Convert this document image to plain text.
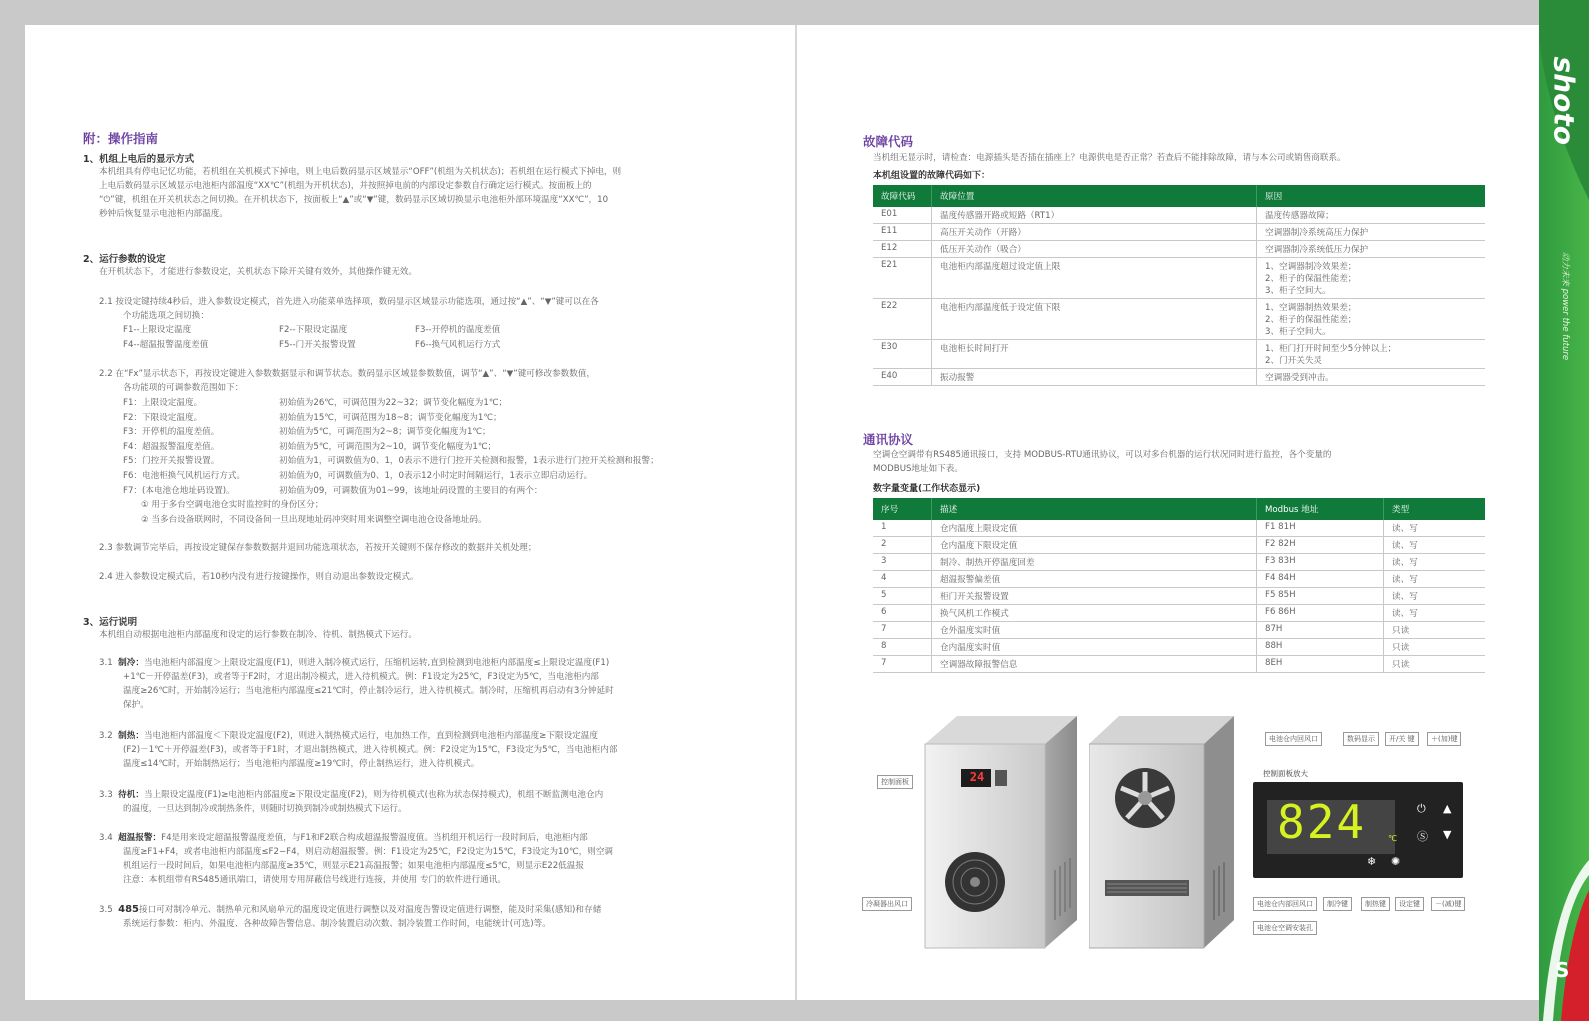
附：操作指南
1、机组上电后的显示方式
本机组具有停电记忆功能，若机组在关机模式下掉电，则上电后数码显示区域显示“OFF”(机组为关机状态)；若机组在运行模式下掉电，则
上电后数码显示区域显示电池柜内部温度“XX℃”(机组为开机状态)，并按照掉电前的内部设定参数自行确定运行模式。按面板上的
“⏻”键，机组在开关机状态之间切换。在开机状态下，按面板上“▲”或“▼”键，数码显示区域切换显示电池柜外部环境温度“XX℃”，10
秒钟后恢复显示电池柜内部温度。
2、运行参数的设定
在开机状态下，才能进行参数设定，关机状态下除开关键有效外，其他操作键无效。
2.1 按设定键持续4秒后，进入参数设定模式，首先进入功能菜单选择项，数码显示区域显示功能选项，通过按“▲”、“▼”键可以在各
个功能选项之间切换：
F1--上限设定温度	F2--下限设定温度	F3--开停机的温度差值
F4--超温报警温度差值	F5--门开关报警设置	F6--换气风机运行方式
2.2 在“Fx”显示状态下，再按设定键进入参数数据显示和调节状态。数码显示区域显参数数值，调节“▲”、“▼”键可修改参数数值，
各功能项的可调参数范围如下：
F1：上限设定温度。	初始值为26℃，可调范围为22~32；调节变化幅度为1℃；
F2：下限设定温度。	初始值为15℃，可调范围为18~8；调节变化幅度为1℃；
F3：开停机的温度差值。	初始值为5℃，可调范围为2~8；调节变化幅度为1℃；
F4：超温报警温度差值。	初始值为5℃，可调范围为2~10，调节变化幅度为1℃；
F5：门控开关报警设置。	初始值为1，可调数值为0、1，0表示不进行门控开关检测和报警，1表示进行门控开关检测和报警；
F6：电池柜换气风机运行方式。	初始值为0，可调数值为0、1，0表示12小时定时间隔运行，1表示立即启动运行。
F7：(本电池仓地址码设置)。	初始值为09，可调数值为01~99，该地址码设置的主要目的有两个：
① 用于多台空调电池仓实时监控时的身份区分；
② 当多台设备联网时，不同设备间一旦出现地址码冲突时用来调整空调电池仓设备地址码。
2.3 参数调节完毕后，再按设定键保存参数数据并退回功能选项状态，若按开关键则不保存修改的数据并关机处理；
2.4 进入参数设定模式后，若10秒内没有进行按键操作，则自动退出参数设定模式。
3、运行说明
本机组自动根据电池柜内部温度和设定的运行参数在制冷、待机、制热模式下运行。
3.1 制冷：当电池柜内部温度＞上限设定温度(F1)，则进入制冷模式运行，压缩机运转,直到检测到电池柜内部温度≤上限设定温度(F1)
+1℃－开停温差(F3)，或者等于F2时，才退出制冷模式，进入待机模式。例：F1设定为25℃，F3设定为5℃，当电池柜内部
温度≥26℃时，开始制冷运行；当电池柜内部温度≤21℃时，停止制冷运行，进入待机模式。制冷时，压缩机再启动有3分钟延时
保护。
3.2 制热：当电池柜内部温度＜下限设定温度(F2)，则进入制热模式运行，电加热工作，直到检测到电池柜内部温度≥下限设定温度
(F2)－1℃＋开停温差(F3)，或者等于F1时，才退出制热模式，进入待机模式。例：F2设定为15℃，F3设定为5℃，当电池柜内部
温度≤14℃时，开始制热运行；当电池柜内部温度≥19℃时，停止制热运行，进入待机模式。
3.3 待机：当上限设定温度(F1)≥电池柜内部温度≥下限设定温度(F2)，则为待机模式(也称为状态保持模式)，机组不断监测电池仓内
的温度，一旦达到制冷或制热条件，则随时切换到制冷或制热模式下运行。
3.4 超温报警：F4是用来设定超温报警温度差值，与F1和F2联合构成超温报警温度值。当机组开机运行一段时间后，电池柜内部
温度≥F1+F4，或者电池柜内部温度≤F2−F4，则启动超温报警。例：F1设定为25℃，F2设定为15℃，F3设定为10℃，则空调
机组运行一段时间后，如果电池柜内部温度≥35℃，则显示E21高温报警；如果电池柜内部温度≤5℃，则显示E22低温报
注意：本机组带有RS485通讯端口，请使用专用屏蔽信号线进行连接，并使用 专门的软件进行通讯。
3.5 485接口可对制冷单元、制热单元和风扇单元的温度设定值进行调整以及对温度告警设定值进行调整，能及时采集(感知)和存储
系统运行参数：柜内、外温度、各种故障告警信息、制冷装置启动次数、制冷装置工作时间，电能统计(可选)等。
故障代码
当机组无显示时，请检查：电源插头是否插在插座上？电源供电是否正常？若查后不能排除故障，请与本公司或销售商联系。
本机组设置的故障代码如下：
故障代码	故障位置	原因
E01	温度传感器开路或短路（RT1）	温度传感器故障；

E11	高压开关动作（开路）	空调器制冷系统高压力保护

E12	低压开关动作（吸合）	空调器制冷系统低压力保护

E21	电池柜内部温度超过设定值上限	1、空调器制冷效果差；
2、柜子的保温性能差；
3、柜子空间大。

E22	电池柜内部温度低于设定值下限	1、空调器制热效果差；
2、柜子的保温性能差；
3、柜子空间大。

E30	电池柜长时间打开	1、柜门打开时间至少5分钟以上；
2、门开关失灵

E40	振动报警	空调器受到冲击。
通讯协议
空调仓空调带有RS485通讯接口，支持 MODBUS-RTU通讯协议，可以对多台机器的运行状况同时进行监控，各个变量的
MODBUS地址如下表。
数字量变量(工作状态显示)
序号	描述	Modbus 地址	类型
1	仓内温度上限设定值	F1 81H	读、写
2	仓内温度下限设定值	F2 82H	读、写
3	制冷、制热开停温度回差	F3 83H	读、写
4	超温报警偏差值	F4 84H	读、写
5	柜门开关报警设置	F5 85H	读、写
6	换气风机工作模式	F6 86H	读、写
7	仓外温度实时值	87H	只读
8	仓内温度实时值	88H	只读
7	空调器故障报警信息	8EH	只读
24
824	℃
⏻ ▲
Ⓢ ▼
❄ ✺
控制面板
冷凝器出风口
电池仓内回风口	数码显示	开/关 键	＋(加)键
控制面板放大
电池仓内部回风口	制冷键	制热键	设定键	－(减)键
电池仓空调安装孔
shoto
动力未来 power the future
S
